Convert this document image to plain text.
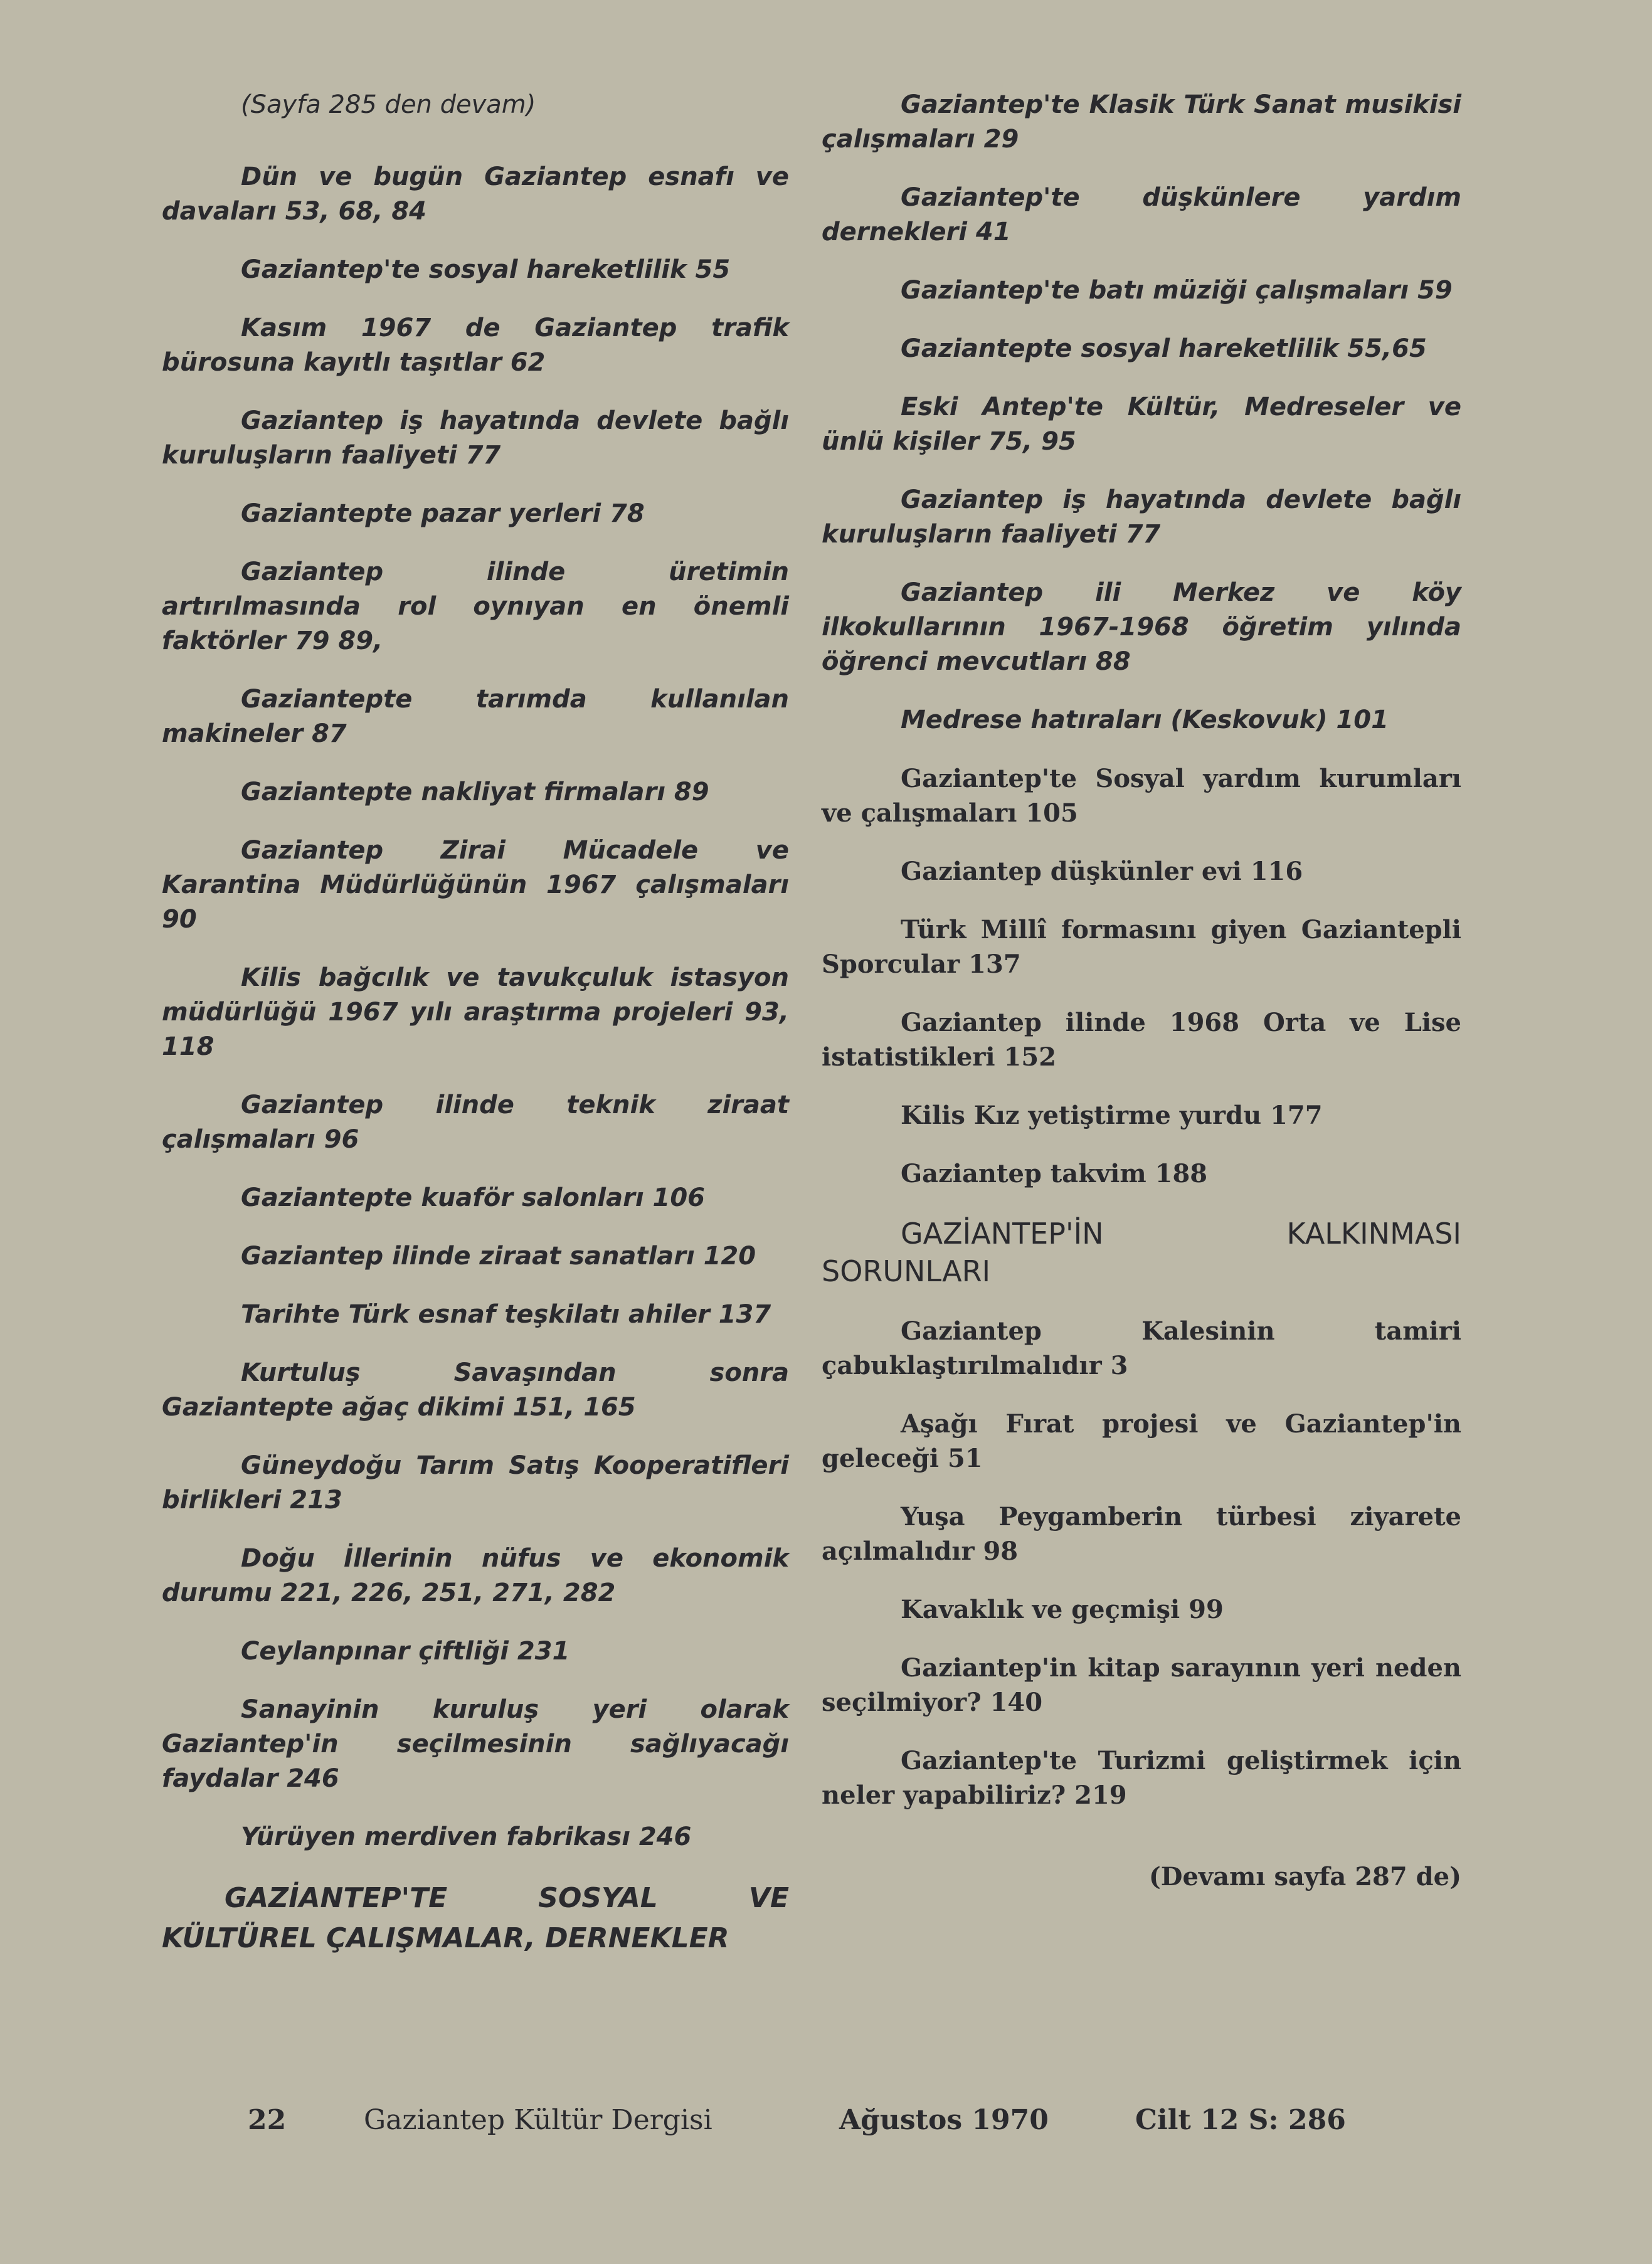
(Sayfa 285 den devam)

Dün ve bugün Gaziantep esnafı ve davaları 53, 68, 84

Gaziantep'te sosyal hareketlilik 55

Kasım 1967 de Gaziantep trafik bürosuna kayıtlı taşıtlar 62

Gaziantep iş hayatında devlete bağlı kuruluşların faaliyeti 77

Gaziantepte pazar yerleri 78

Gaziantep ilinde üretimin artırılmasında rol oynıyan en önemli faktörler 79 89,

Gaziantepte tarımda kullanılan makineler 87

Gaziantepte nakliyat firmaları 89

Gaziantep Zirai Mücadele ve Karantina Müdürlüğünün 1967 çalışmaları 90

Kilis bağcılık ve tavukçuluk istasyon müdürlüğü 1967 yılı araştırma projeleri 93, 118

Gaziantep ilinde teknik ziraat çalışmaları 96

Gaziantepte kuaför salonları 106

Gaziantep ilinde ziraat sanatları 120

Tarihte Türk esnaf teşkilatı ahiler 137

Kurtuluş Savaşından sonra Gaziantepte ağaç dikimi 151, 165

Güneydoğu Tarım Satış Kooperatifleri birlikleri 213

Doğu İllerinin nüfus ve ekonomik durumu 221, 226, 251, 271, 282

Ceylanpınar çiftliği 231

Sanayinin kuruluş yeri olarak Gaziantep'in seçilmesinin sağlıyacağı faydalar 246

Yürüyen merdiven fabrikası 246

GAZİANTEP'TE SOSYAL VE KÜLTÜREL ÇALIŞMALAR, DERNEKLER

Gaziantep'te Klasik Türk Sanat musikisi çalışmaları 29

Gaziantep'te düşkünlere yardım dernekleri 41

Gaziantep'te batı müziği çalışmaları 59

Gaziantepte sosyal hareketlilik 55,65

Eski Antep'te Kültür, Medreseler ve ünlü kişiler 75, 95

Gaziantep iş hayatında devlete bağlı kuruluşların faaliyeti 77

Gaziantep ili Merkez ve köy ilkokullarının 1967-1968 öğretim yılında öğrenci mevcutları 88

Medrese hatıraları (Keskovuk) 101

Gaziantep'te Sosyal yardım kurumları ve çalışmaları 105

Gaziantep düşkünler evi 116

Türk Millî formasını giyen Gaziantepli Sporcular 137

Gaziantep ilinde 1968 Orta ve Lise istatistikleri 152

Kilis Kız yetiştirme yurdu 177

Gaziantep takvim 188

GAZİANTEP'İN KALKINMASI SORUNLARI

Gaziantep Kalesinin tamiri çabuklaştırılmalıdır 3

Aşağı Fırat projesi ve Gaziantep'in geleceği 51

Yuşa Peygamberin türbesi ziyarete açılmalıdır 98

Kavaklık ve geçmişi 99

Gaziantep'in kitap sarayının yeri neden seçilmiyor? 140

Gaziantep'te Turizmi geliştirmek için neler yapabiliriz? 219

(Devamı sayfa 287 de)

22	Gaziantep Kültür Dergisi	Ağustos 1970	Cilt 12 S: 286
